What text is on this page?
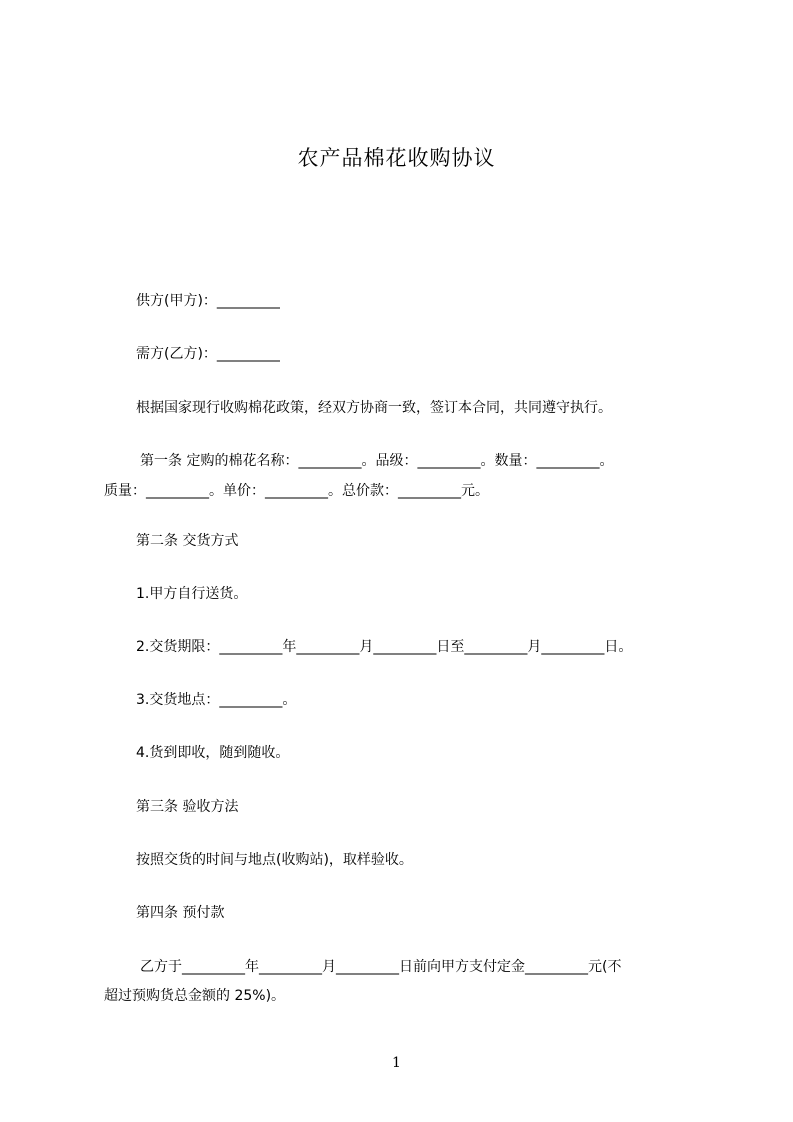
农产品棉花收购协议

供方(甲方)：_________

需方(乙方)：_________

根据国家现行收购棉花政策，经双方协商一致，签订本合同，共同遵守执行。

第一条 定购的棉花名称：_________。品级：_________。数量：_________。

质量：_________。单价：_________。总价款：_________元。

第二条 交货方式

1.甲方自行送货。

2.交货期限：_________年_________月_________日至_________月_________日。

3.交货地点：_________。

4.货到即收，随到随收。

第三条 验收方法

按照交货的时间与地点(收购站)，取样验收。

第四条 预付款

乙方于_________年_________月_________日前向甲方支付定金_________元(不

超过预购货总金额的 25%)。

1
